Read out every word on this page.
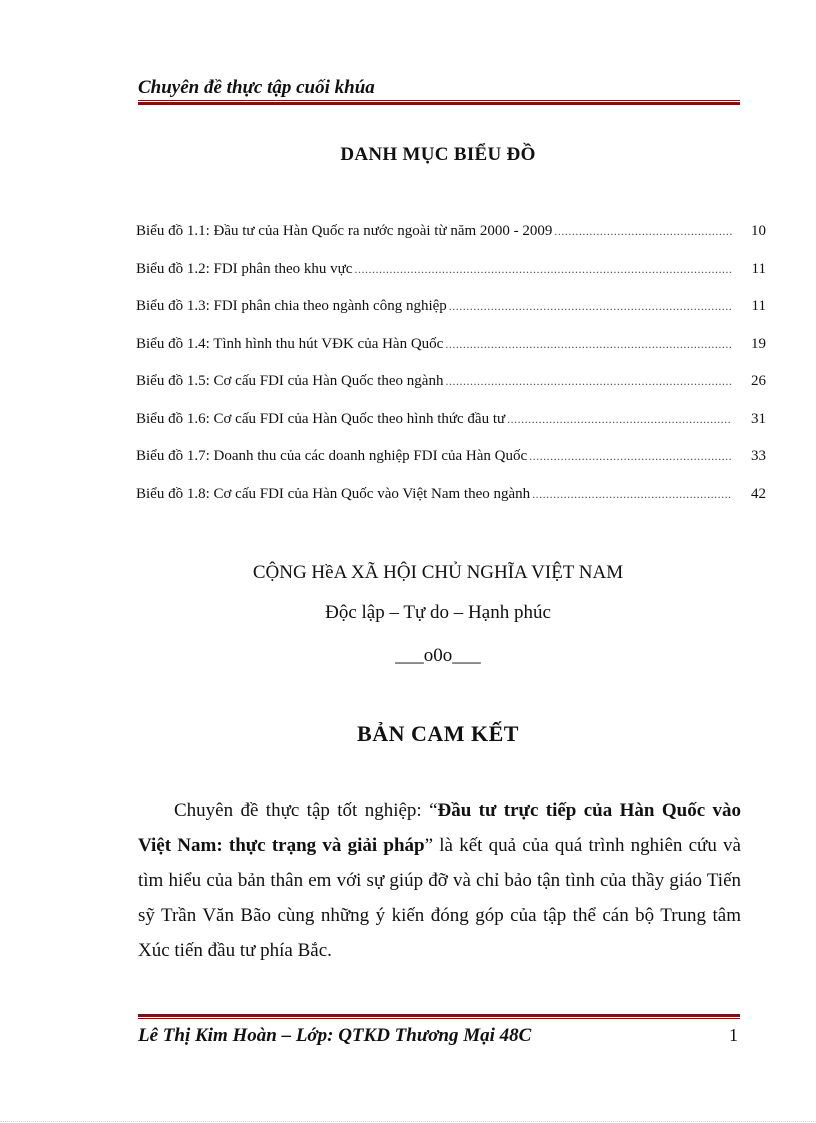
Chuyên đề thực tập cuối khúa
DANH MỤC BIỂU ĐỒ
Biểu đồ 1.1: Đầu tư của Hàn Quốc ra nước ngoài từ năm 2000 - 2009 .....	10
Biểu đồ 1.2: FDI phân theo khu vực .....	11
Biểu đồ 1.3: FDI phân chia theo ngành công nghiệp .....	11
Biểu đồ 1.4: Tình hình thu hút VĐK của Hàn Quốc .....	19
Biểu đồ 1.5: Cơ cấu FDI của Hàn Quốc theo ngành .....	26
Biểu đồ 1.6: Cơ cấu FDI của Hàn Quốc theo hình thức đầu tư .....	31
Biểu đồ 1.7: Doanh thu của các doanh nghiệp FDI của Hàn Quốc .....	33
Biểu đồ 1.8: Cơ cấu FDI của Hàn Quốc vào Việt Nam theo ngành .....	42
CỘNG HềA XÃ HỘI CHỦ NGHĨA VIỆT NAM
Độc lập – Tự do – Hạnh phúc
___o0o___
BẢN CAM KẾT
Chuyên đề thực tập tốt nghiệp: “Đầu tư trực tiếp của Hàn Quốc vào Việt Nam: thực trạng và giải pháp” là kết quả của quá trình nghiên cứu và tìm hiểu của bản thân em với sự giúp đỡ và chỉ bảo tận tình của thầy giáo Tiến sỹ Trần Văn Bão cùng những ý kiến đóng góp của tập thể cán bộ Trung tâm Xúc tiến đầu tư phía Bắc.
Lê Thị Kim Hoàn – Lớp: QTKD Thương Mại 48C	1
